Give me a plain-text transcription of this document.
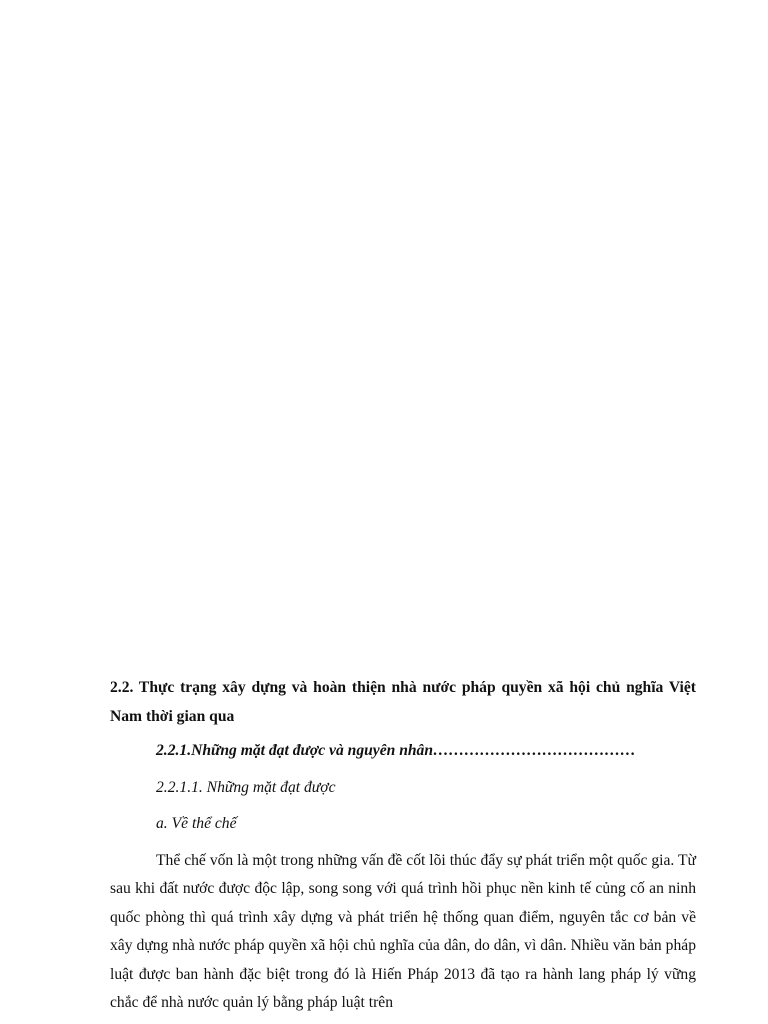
2.2. Thực trạng xây dựng và hoàn thiện nhà nước pháp quyền xã hội chủ nghĩa Việt Nam thời gian qua
2.2.1.Những mặt đạt được và nguyên nhân…………………………………
2.2.1.1. Những mặt đạt được
a. Về thể chế
Thể chế vốn là một trong những vấn đề cốt lõi thúc đẩy sự phát triển một quốc gia. Từ sau khi đất nước được độc lập, song song với quá trình hồi phục nền kinh tế củng cố an ninh quốc phòng thì quá trình xây dựng và phát triển hệ thống quan điểm, nguyên tắc cơ bản về xây dựng nhà nước pháp quyền xã hội chủ nghĩa của dân, do dân, vì dân. Nhiều văn bản pháp luật được ban hành đặc biệt trong đó là Hiến Pháp 2013 đã tạo ra hành lang pháp lý vững chắc để nhà nước quản lý bằng pháp luật trên
